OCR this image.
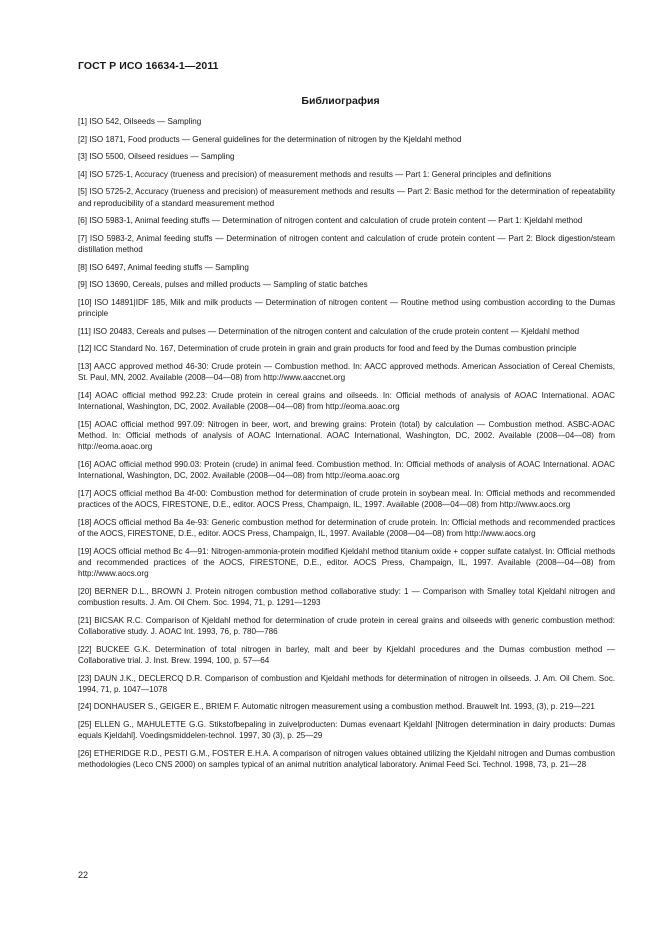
ГОСТ Р ИСО 16634-1—2011
Библиография

[1] ISO 542, Oilseeds — Sampling

[2] ISO 1871, Food products — General guidelines for the determination of nitrogen by the Kjeldahl method

[3] ISO 5500, Oilseed residues — Sampling

[4] ISO 5725-1, Accuracy (trueness and precision) of measurement methods and results — Part 1: General principles and definitions

[5] ISO 5725-2, Accuracy (trueness and precision) of measurement methods and results — Part 2: Basic method for the determination of repeatability and reproducibility of a standard measurement method

[6] ISO 5983-1, Animal feeding stuffs — Determination of nitrogen content and calculation of crude protein content — Part 1: Kjeldahl method

[7] ISO 5983-2, Animal feeding stuffs — Determination of nitrogen content and calculation of crude protein content — Part 2: Block digestion/steam distillation method

[8] ISO 6497, Animal feeding stuffs — Sampling

[9] ISO 13690, Cereals, pulses and milled products — Sampling of static batches

[10] ISO 14891|IDF 185, Milk and milk products — Determination of nitrogen content — Routine method using combustion according to the Dumas principle

[11] ISO 20483, Cereals and pulses — Determination of the nitrogen content and calculation of the crude protein content — Kjeldahl method

[12] ICC Standard No. 167, Determination of crude protein in grain and grain products for food and feed by the Dumas combustion principle

[13] AACC approved method 46-30: Crude protein — Combustion method. In: AACC approved methods. American Association of Cereal Chemists, St. Paul, MN, 2002. Available (2008—04—08) from http://www.aaccnet.org

[14] AOAC official method 992.23: Crude protein in cereal grains and oilseeds. In: Official methods of analysis of AOAC International. AOAC International, Washington, DC, 2002. Available (2008—04—08) from http://eoma.aoac.org

[15] AOAC official method 997.09: Nitrogen in beer, wort, and brewing grains: Protein (total) by calculation — Combustion method. ASBC-AOAC Method. In: Official methods of analysis of AOAC International. AOAC International, Washington, DC, 2002. Available (2008—04—08) from http://eoma.aoac.org

[16] AOAC official method 990.03: Protein (crude) in animal feed. Combustion method. In: Official methods of analysis of AOAC International. AOAC International, Washington, DC, 2002. Available (2008—04—08) from http://eoma.aoac.org

[17] AOCS official method Ba 4f-00: Combustion method for determination of crude protein in soybean meal. In: Official methods and recommended practices of the AOCS, FIRESTONE, D.E., editor. AOCS Press, Champaign, IL, 1997. Available (2008—04—08) from http://www.aocs.org

[18] AOCS official method Ba 4e-93: Generic combustion method for determination of crude protein. In: Official methods and recommended practices of the AOCS, FIRESTONE, D.E., editor. AOCS Press, Champaign, IL, 1997. Available (2008—04—08) from http://www.aocs.org

[19] AOCS official method Bc 4—91: Nitrogen-ammonia-protein modified Kjeldahl method titanium oxide + copper sulfate catalyst. In: Official methods and recommended practices of the AOCS, FIRESTONE, D.E., editor. AOCS Press, Champaign, IL, 1997. Available (2008—04—08) from http://www.aocs.org

[20] BERNER D.L., BROWN J. Protein nitrogen combustion method collaborative study: 1 — Comparison with Smalley total Kjeldahl nitrogen and combustion results. J. Am. Oil Chem. Soc. 1994, 71, p. 1291—1293

[21] BICSAK R.C. Comparison of Kjeldahl method for determination of crude protein in cereal grains and oilseeds with generic combustion method: Collaborative study. J. AOAC Int. 1993, 76, p. 780—786

[22] BUCKEE G.K. Determination of total nitrogen in barley, malt and beer by Kjeldahl procedures and the Dumas combustion method — Collaborative trial. J. Inst. Brew. 1994, 100, p. 57—64

[23] DAUN J.K., DECLERCQ D.R. Comparison of combustion and Kjeldahl methods for determination of nitrogen in oilseeds. J. Am. Oil Chem. Soc. 1994, 71, p. 1047—1078

[24] DONHAUSER S., GEIGER E., BRIEM F. Automatic nitrogen measurement using a combustion method. Brauwelt Int. 1993, (3), p. 219—221

[25] ELLEN G., MAHULETTE G.G. Stikstofbepaling in zuivelproducten: Dumas evenaart Kjeldahl [Nitrogen determination in dairy products: Dumas equals Kjeldahl]. Voedingsmiddelen-technol. 1997, 30 (3), p. 25—29

[26] ETHERIDGE R.D., PESTI G.M., FOSTER E.H.A. A comparison of nitrogen values obtained utilizing the Kjeldahl nitrogen and Dumas combustion methodologies (Leco CNS 2000) on samples typical of an animal nutrition analytical laboratory. Animal Feed Sci. Technol. 1998, 73, p. 21—28

22
